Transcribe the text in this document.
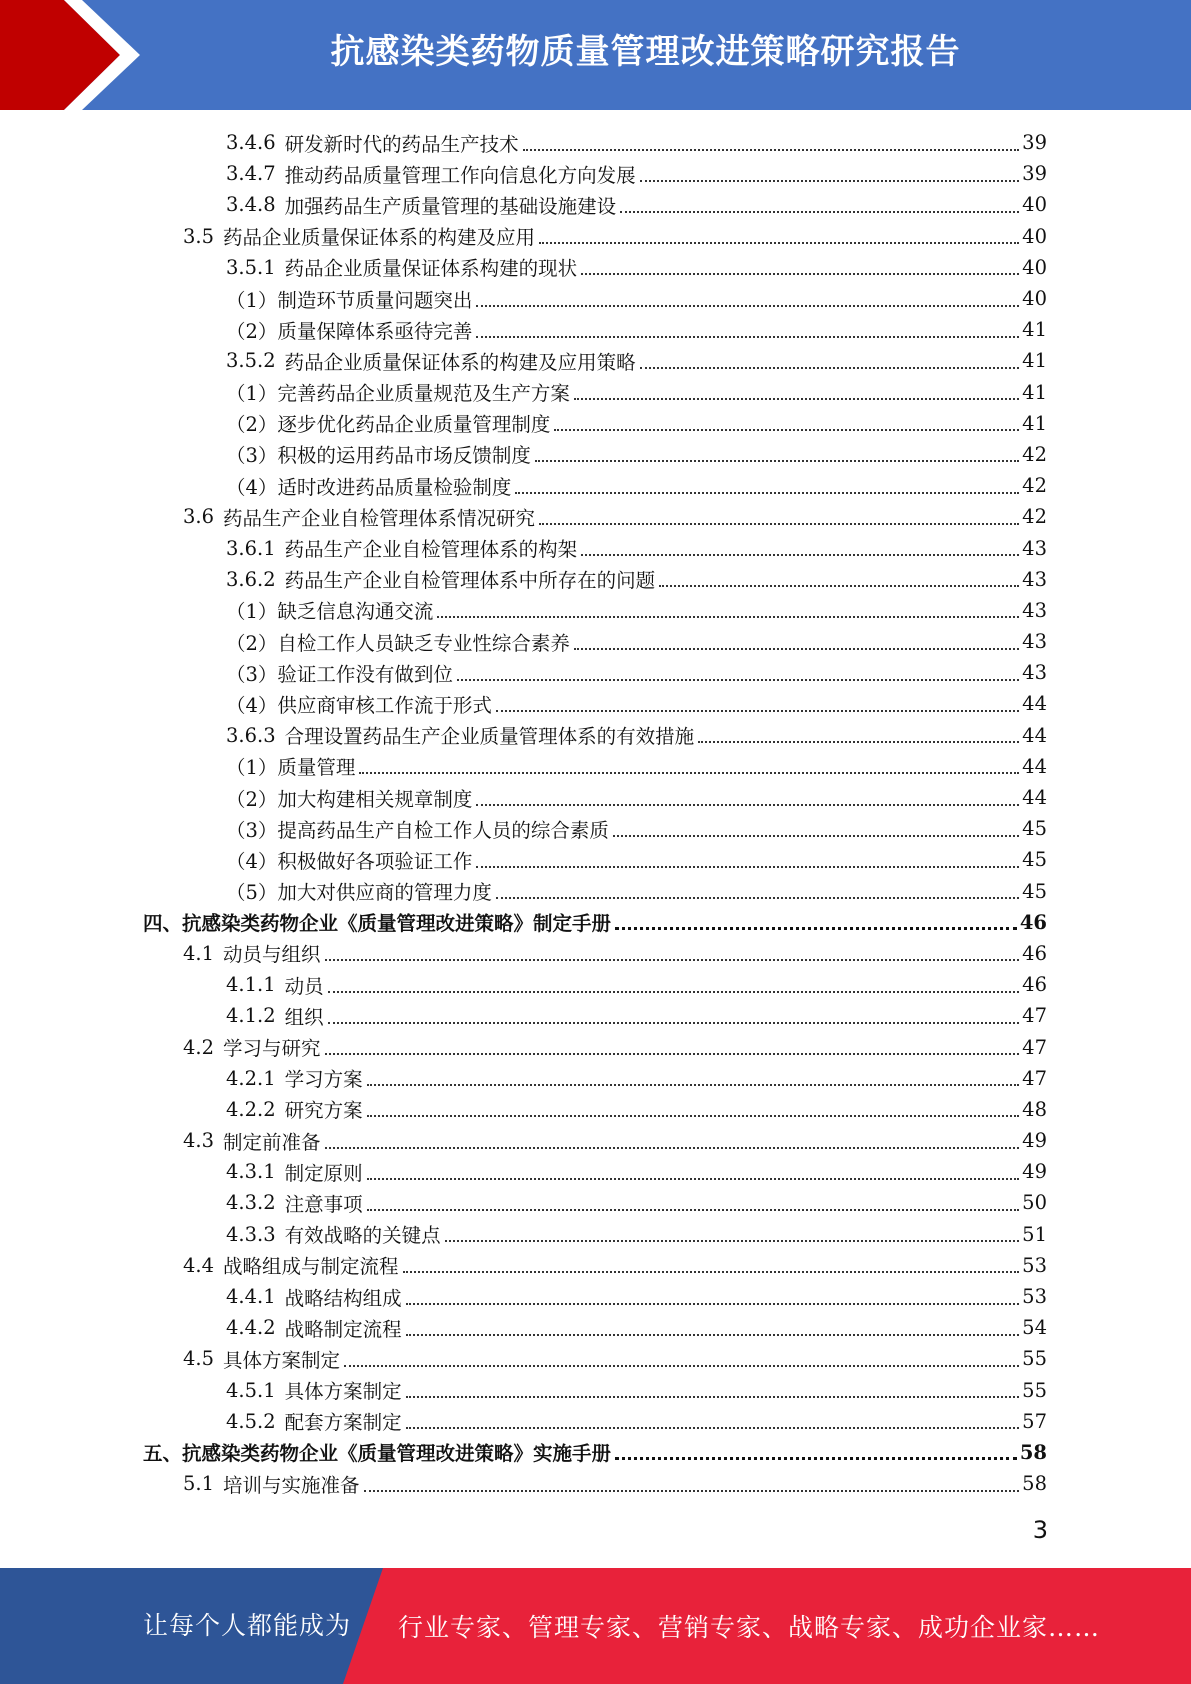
抗感染类药物质量管理改进策略研究报告
3.4.6 研发新时代的药品生产技术	39
3.4.7 推动药品质量管理工作向信息化方向发展	39
3.4.8 加强药品生产质量管理的基础设施建设	40
3.5 药品企业质量保证体系的构建及应用	40
3.5.1 药品企业质量保证体系构建的现状	40
（1） 制造环节质量问题突出	40
（2） 质量保障体系亟待完善	41
3.5.2 药品企业质量保证体系的构建及应用策略	41
（1） 完善药品企业质量规范及生产方案	41
（2） 逐步优化药品企业质量管理制度	41
（3） 积极的运用药品市场反馈制度	42
（4） 适时改进药品质量检验制度	42
3.6 药品生产企业自检管理体系情况研究	42
3.6.1 药品生产企业自检管理体系的构架	43
3.6.2 药品生产企业自检管理体系中所存在的问题	43
（1） 缺乏信息沟通交流	43
（2） 自检工作人员缺乏专业性综合素养	43
（3） 验证工作没有做到位	43
（4） 供应商审核工作流于形式	44
3.6.3 合理设置药品生产企业质量管理体系的有效措施	44
（1） 质量管理	44
（2） 加大构建相关规章制度	44
（3） 提高药品生产自检工作人员的综合素质	45
（4） 积极做好各项验证工作	45
（5） 加大对供应商的管理力度	45
四、 抗感染类药物企业《质量管理改进策略》制定手册	46
4.1 动员与组织	46
4.1.1 动员	46
4.1.2 组织	47
4.2 学习与研究	47
4.2.1 学习方案	47
4.2.2 研究方案	48
4.3 制定前准备	49
4.3.1 制定原则	49
4.3.2 注意事项	50
4.3.3 有效战略的关键点	51
4.4 战略组成与制定流程	53
4.4.1 战略结构组成	53
4.4.2 战略制定流程	54
4.5 具体方案制定	55
4.5.1 具体方案制定	55
4.5.2 配套方案制定	57
五、 抗感染类药物企业《质量管理改进策略》实施手册	58
5.1 培训与实施准备	58
3
让每个人都能成为 行业专家、管理专家、营销专家、战略专家、成功企业家……
